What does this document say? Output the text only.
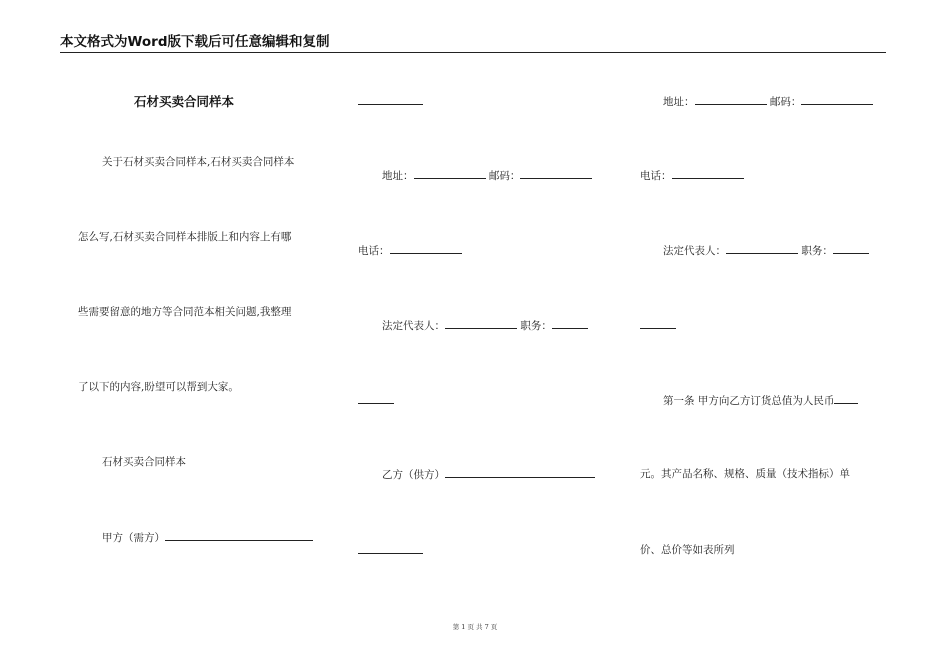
本文格式为Word版下载后可任意编辑和复制
石材买卖合同样本
关于石材买卖合同样本,石材买卖合同样本
怎么写,石材买卖合同样本排版上和内容上有哪
些需要留意的地方等合同范本相关问题,我整理
了以下的内容,盼望可以帮到大家。
石材买卖合同样本
甲方（需方）
地址：	邮码：
电话：
法定代表人：	职务：
乙方（供方）
地址：	邮码：
电话：
法定代表人：	职务：
第一条 甲方向乙方订货总值为人民币
元。其产品名称、规格、质量（技术指标）单
价、总价等如表所列
第 1 页 共 7 页
